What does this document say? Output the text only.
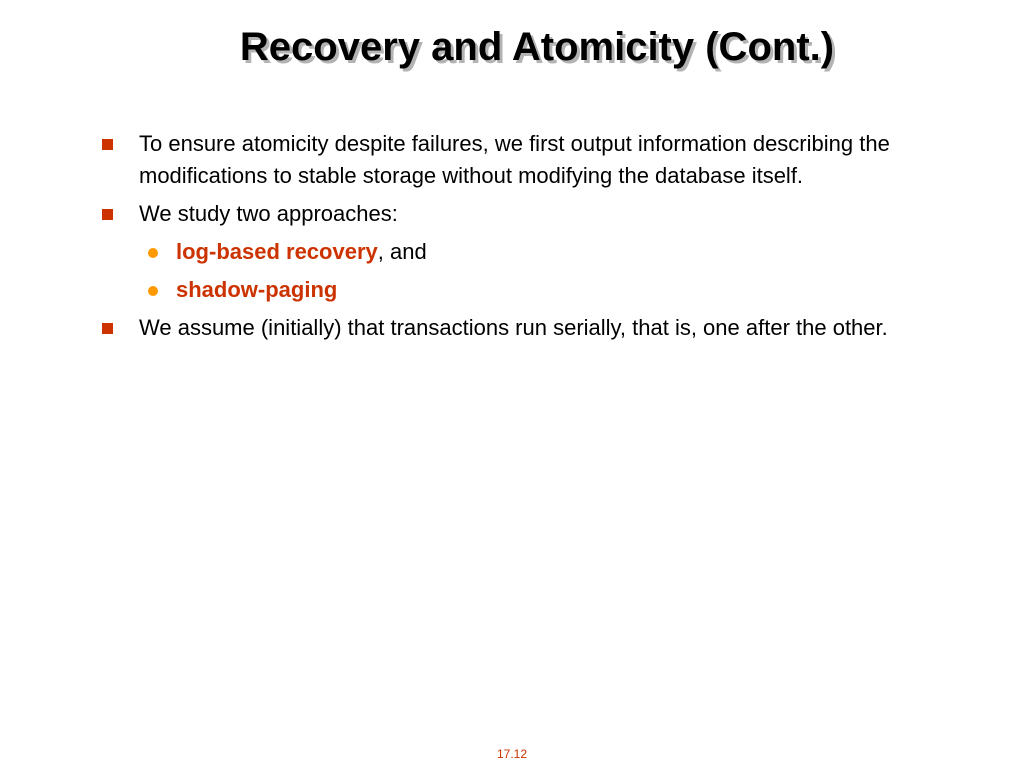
Recovery and Atomicity (Cont.)
To ensure atomicity despite failures, we first output information describing the modifications to stable storage without modifying the database itself.
We study two approaches:
log-based recovery, and
shadow-paging
We assume (initially) that transactions run serially, that is, one after the other.
17.12
